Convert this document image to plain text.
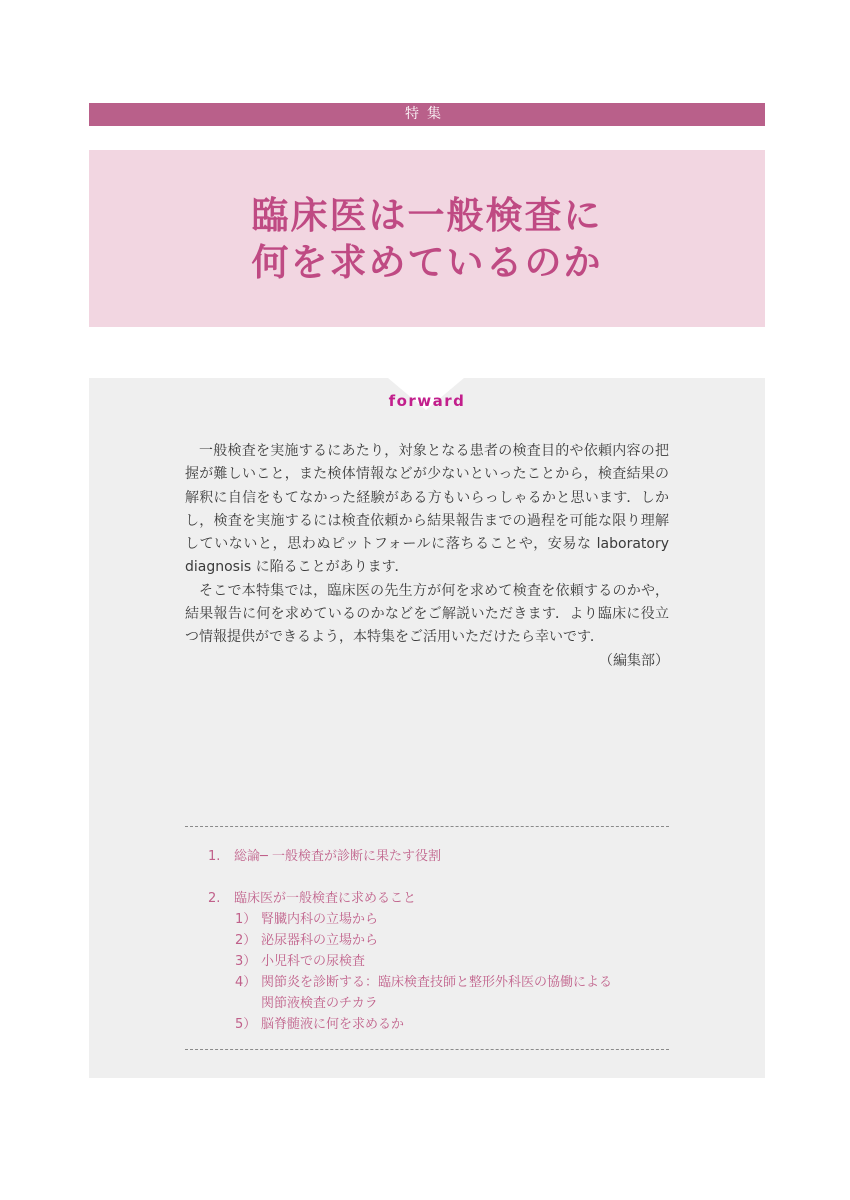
特集
臨床医は一般検査に
何を求めているのか
forward

一般検査を実施するにあたり，対象となる患者の検査目的や依頼内容の把握が難しいこと，また検体情報などが少ないといったことから，検査結果の解釈に自信をもてなかった経験がある方もいらっしゃるかと思います．しかし，検査を実施するには検査依頼から結果報告までの過程を可能な限り理解していないと，思わぬピットフォールに落ちることや，安易な laboratory diagnosis に陥ることがあります．

そこで本特集では，臨床医の先生方が何を求めて検査を依頼するのかや，結果報告に何を求めているのかなどをご解説いただきます．より臨床に役立つ情報提供ができるよう，本特集をご活用いただけたら幸いです．

（編集部）

1. 総論─ 一般検査が診断に果たす役割
2. 臨床医が一般検査に求めること
1） 腎臓内科の立場から
2） 泌尿器科の立場から
3） 小児科での尿検査
4） 関節炎を診断する：臨床検査技師と整形外科医の協働による
関節液検査のチカラ
5） 脳脊髄液に何を求めるか
